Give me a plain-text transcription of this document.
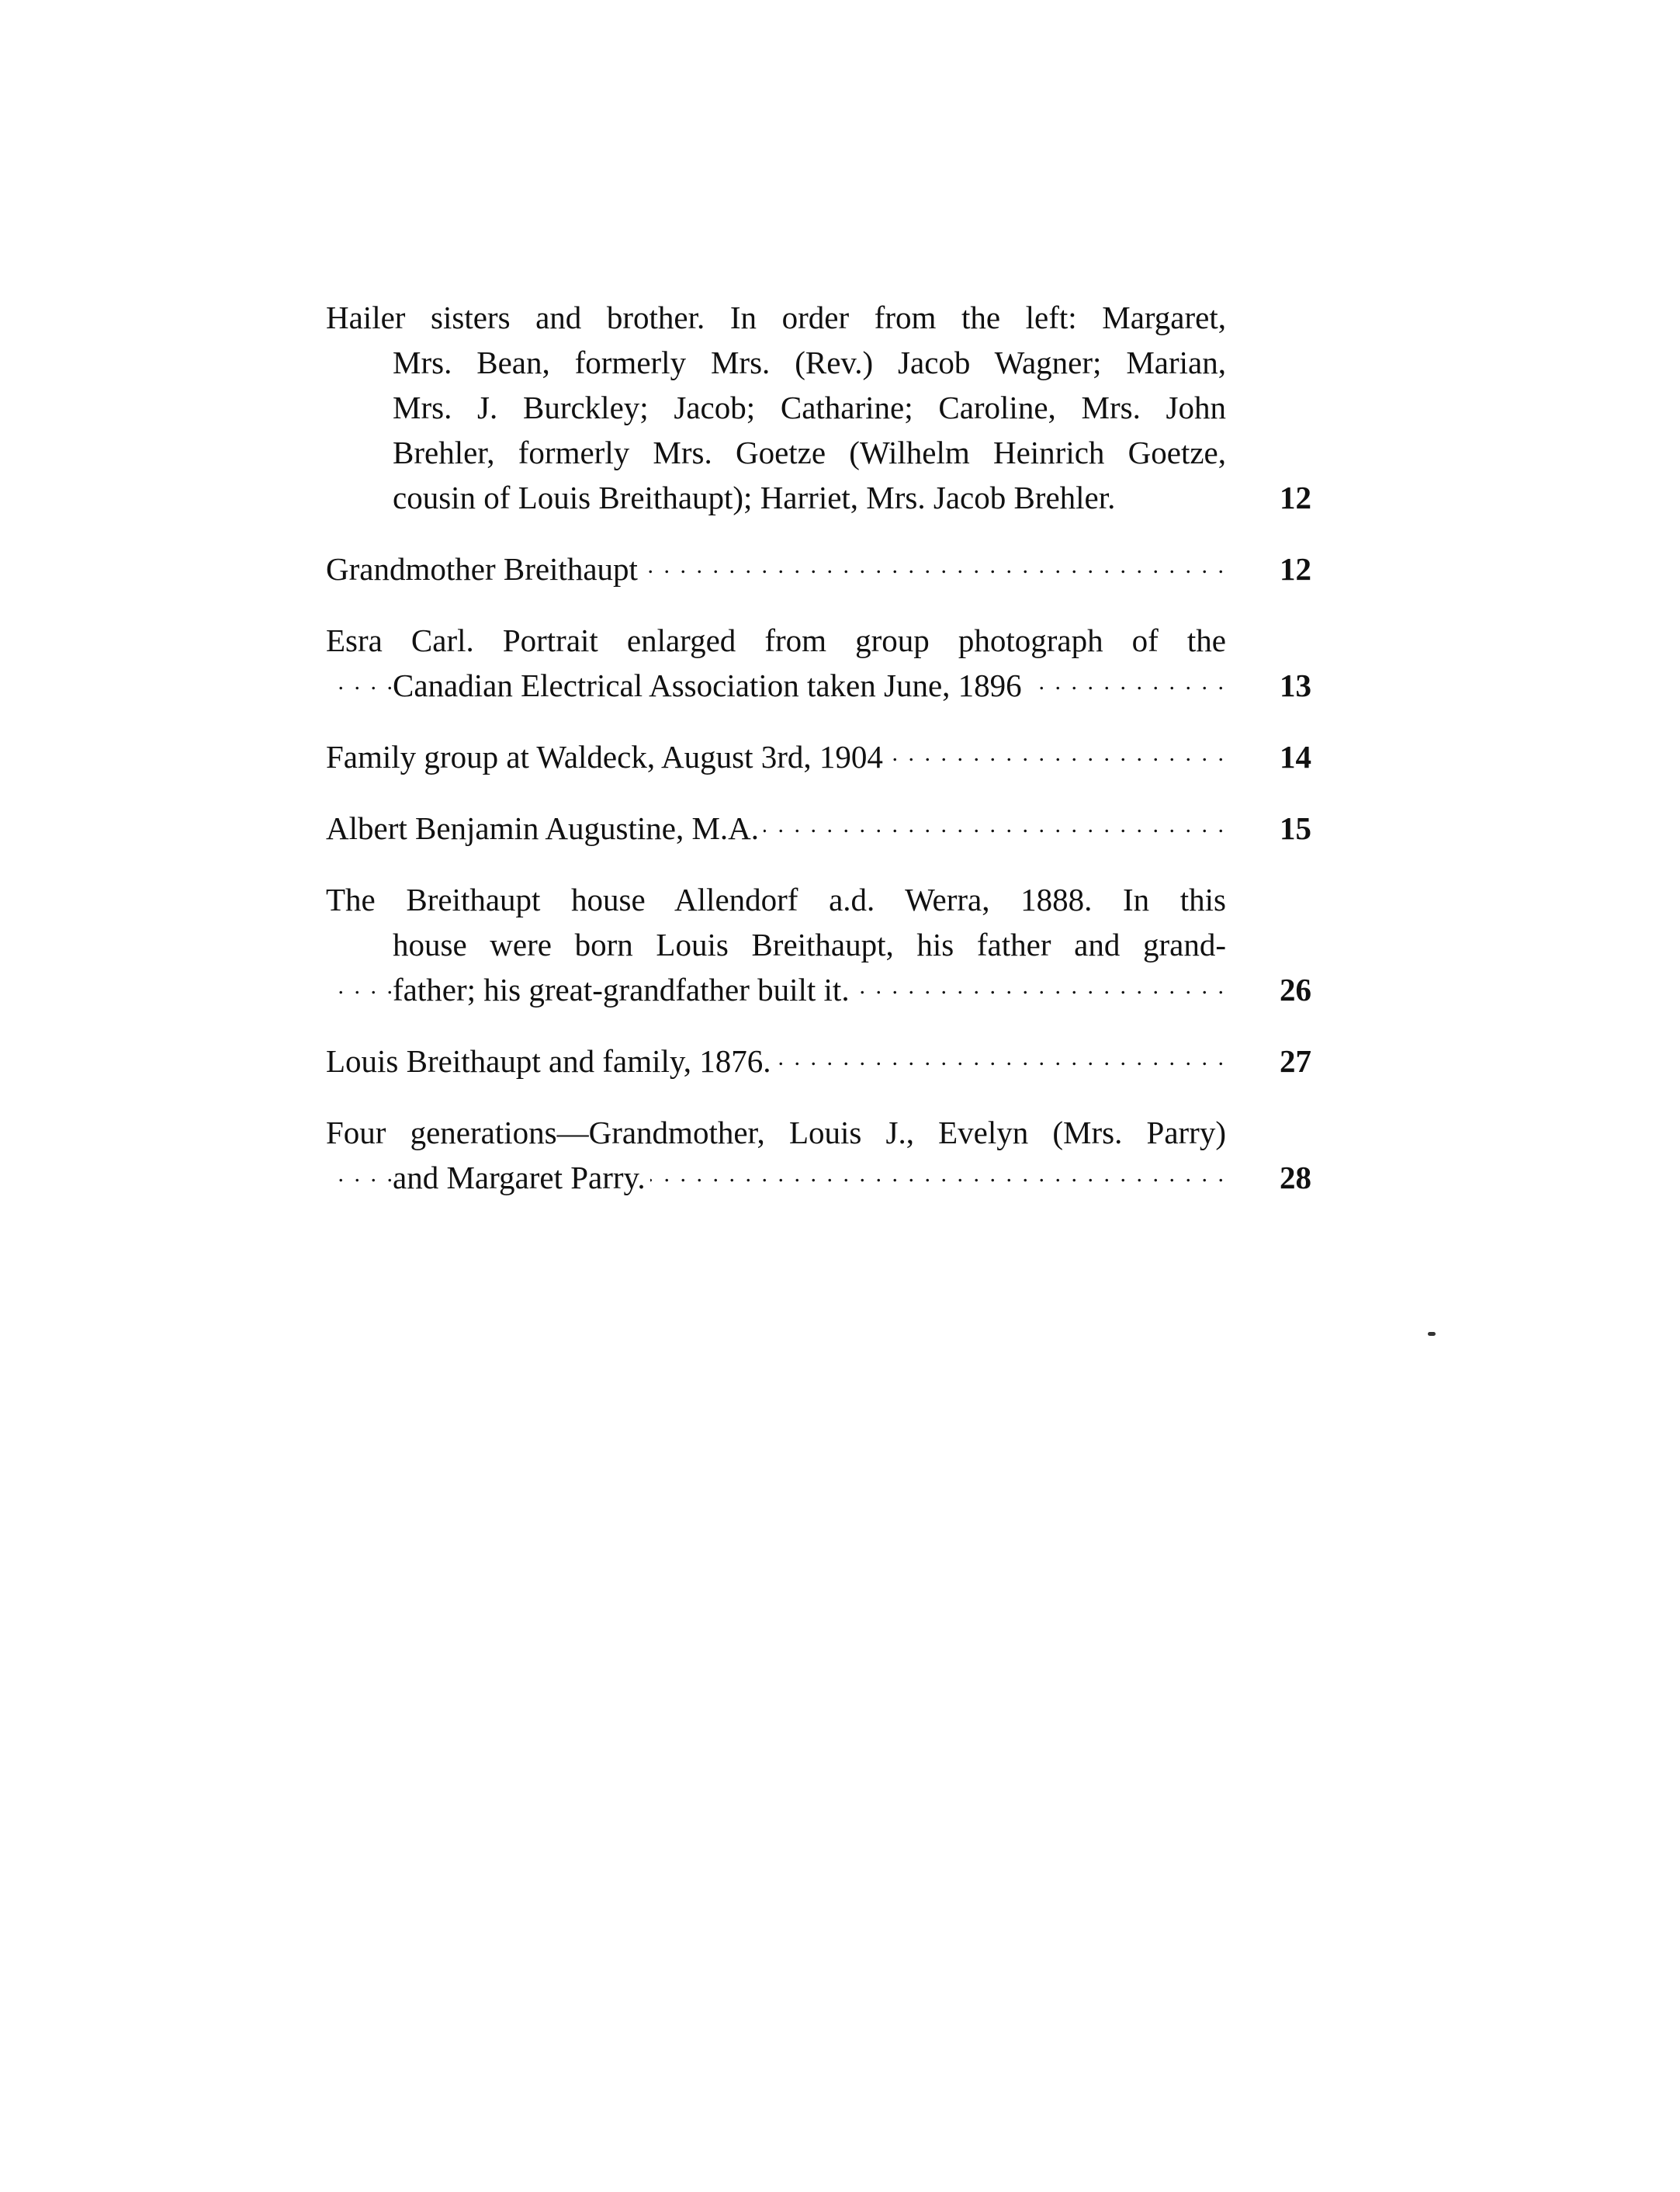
Hailer sisters and brother. In order from the left: Margaret,
Mrs. Bean, formerly Mrs. (Rev.) Jacob Wagner; Marian,
Mrs. J. Burckley; Jacob; Catharine; Caroline, Mrs. John
Brehler, formerly Mrs. Goetze (Wilhelm Heinrich Goetze,
cousin of Louis Breithaupt); Harriet, Mrs. Jacob Brehler.	12
Grandmother Breithaupt . . .	12
Esra Carl. Portrait enlarged from group photograph of the
Canadian Electrical Association taken June, 1896 . . .	13
Family group at Waldeck, August 3rd, 1904 . . .	14
Albert Benjamin Augustine, M.A. . . .	15
The Breithaupt house Allendorf a.d. Werra, 1888. In this
house were born Louis Breithaupt, his father and grand-
father; his great-grandfather built it. . . .	26
Louis Breithaupt and family, 1876. . . .	27
Four generations—Grandmother, Louis J., Evelyn (Mrs. Parry)
and Margaret Parry. . . .	28
